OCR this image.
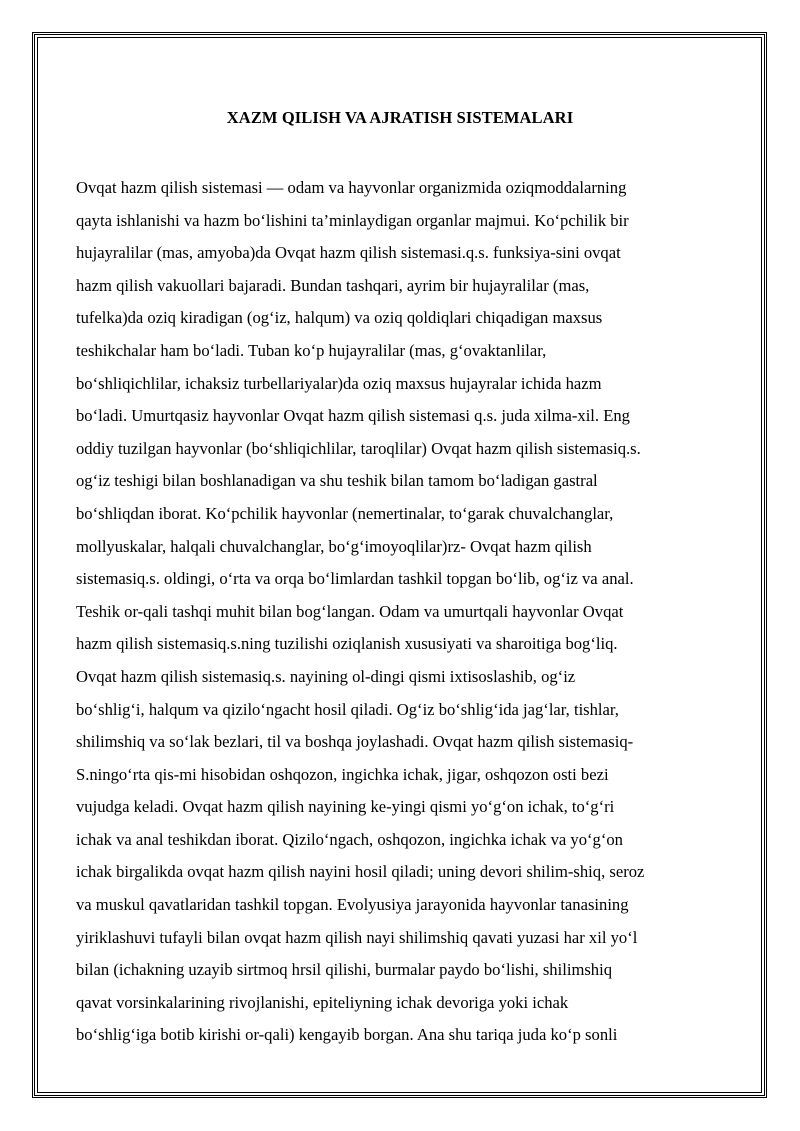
XAZM QILISH VA AJRATISH SISTEMALARI
Ovqat hazm qilish sistemasi — odam va hayvonlar organizmida oziqmoddalarning
qayta ishlanishi va hazm bo‘lishini ta’minlaydigan organlar majmui. Ko‘pchilik bir
hujayralilar (mas, amyoba)da Ovqat hazm qilish sistemasi.q.s. funksiya-sini ovqat
hazm qilish vakuollari bajaradi. Bundan tashqari, ayrim bir hujayralilar (mas,
tufelka)da oziq kiradigan (og‘iz, halqum) va oziq qoldiqlari chiqadigan maxsus
teshikchalar ham bo‘ladi. Tuban ko‘p hujayralilar (mas, g‘ovaktanlilar,
bo‘shliqichlilar, ichaksiz turbellariyalar)da oziq maxsus hujayralar ichida hazm
bo‘ladi. Umurtqasiz hayvonlar Ovqat hazm qilish sistemasi q.s. juda xilma-xil. Eng
oddiy tuzilgan hayvonlar (bo‘shliqichlilar, taroqlilar) Ovqat hazm qilish sistemasiq.s.
og‘iz teshigi bilan boshlanadigan va shu teshik bilan tamom bo‘ladigan gastral
bo‘shliqdan iborat. Ko‘pchilik hayvonlar (nemertinalar, to‘garak chuvalchanglar,
mollyuskalar, halqali chuvalchanglar, bo‘g‘imoyoqlilar)rz- Ovqat hazm qilish
sistemasiq.s. oldingi, o‘rta va orqa bo‘limlardan tashkil topgan bo‘lib, og‘iz va anal.
Teshik or-qali tashqi muhit bilan bog‘langan. Odam va umurtqali hayvonlar Ovqat
hazm qilish sistemasiq.s.ning tuzilishi oziqlanish xususiyati va sharoitiga bog‘liq.
Ovqat hazm qilish sistemasiq.s. nayining ol-dingi qismi ixtisoslashib, og‘iz
bo‘shlig‘i, halqum va qizilo‘ngacht hosil qiladi. Og‘iz bo‘shlig‘ida jag‘lar, tishlar,
shilimshiq va so‘lak bezlari, til va boshqa joylashadi. Ovqat hazm qilish sistemasiq-
S.ningo‘rta qis-mi hisobidan oshqozon, ingichka ichak, jigar, oshqozon osti bezi
vujudga keladi. Ovqat hazm qilish nayining ke-yingi qismi yo‘g‘on ichak, to‘g‘ri
ichak va anal teshikdan iborat. Qizilo‘ngach, oshqozon, ingichka ichak va yo‘g‘on
ichak birgalikda ovqat hazm qilish nayini hosil qiladi; uning devori shilim-shiq, seroz
va muskul qavatlaridan tashkil topgan. Evolyusiya jarayonida hayvonlar tanasining
yiriklashuvi tufayli bilan ovqat hazm qilish nayi shilimshiq qavati yuzasi har xil yo‘l
bilan (ichakning uzayib sirtmoq hrsil qilishi, burmalar paydo bo‘lishi, shilimshiq
qavat vorsinkalarining rivojlanishi, epiteliyning ichak devoriga yoki ichak
bo‘shlig‘iga botib kirishi or-qali) kengayib borgan. Ana shu tariqa juda ko‘p sonli
